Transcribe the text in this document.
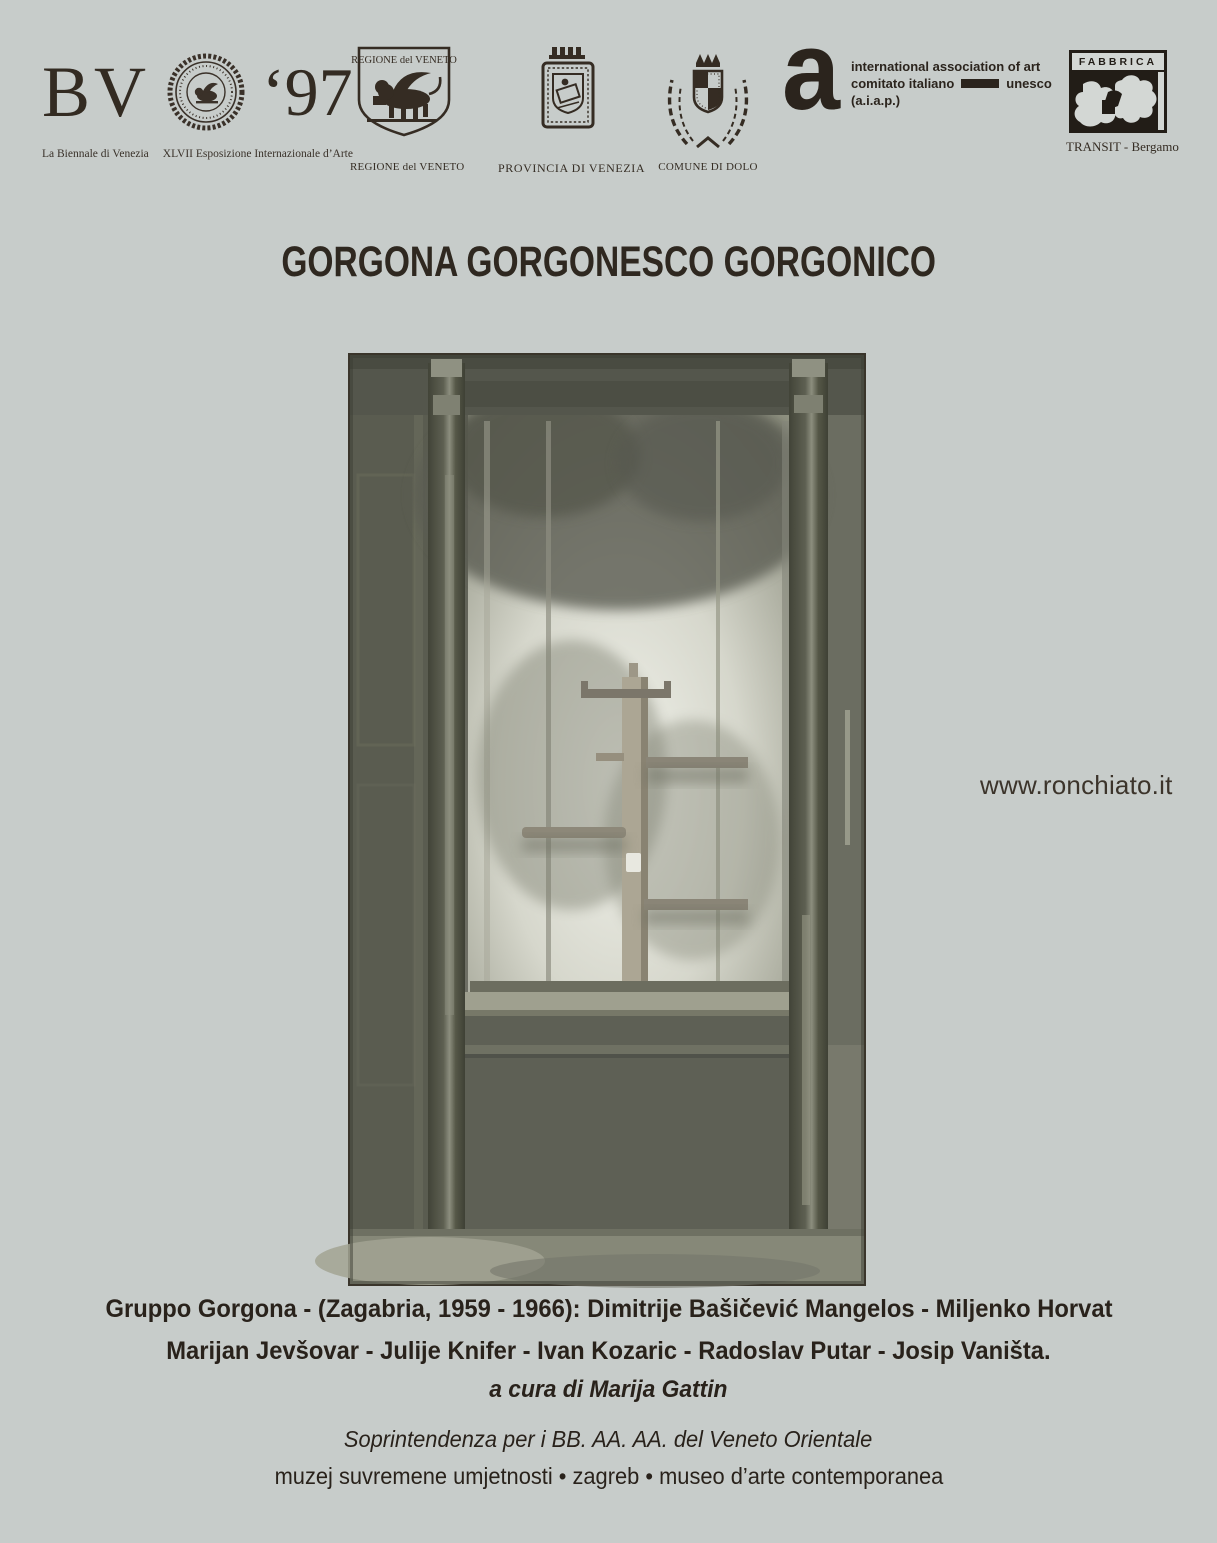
BV ‘97
La Biennale di Venezia XLVII Esposizione Internazionale d’Arte
REGIONE del VENETO
REGIONE del VENETO	PROVINCIA DI VENEZIA	COMUNE DI DOLO
a international association of art
comitato italiano	unesco
(a.i.a.p.)
FABBRICA
TRANSIT - Bergamo
GORGONA GORGONESCO GORGONICO
www.ronchiato.it
Gruppo Gorgona - (Zagabria, 1959 - 1966): Dimitrije Bašičević Mangelos - Miljenko Horvat
Marijan Jevšovar - Julije Knifer - Ivan Kozaric - Radoslav Putar - Josip Vaništa.
a cura di Marija Gattin
Soprintendenza per i BB. AA. AA. del Veneto Orientale
muzej suvremene umjetnosti • zagreb • museo d’arte contemporanea
